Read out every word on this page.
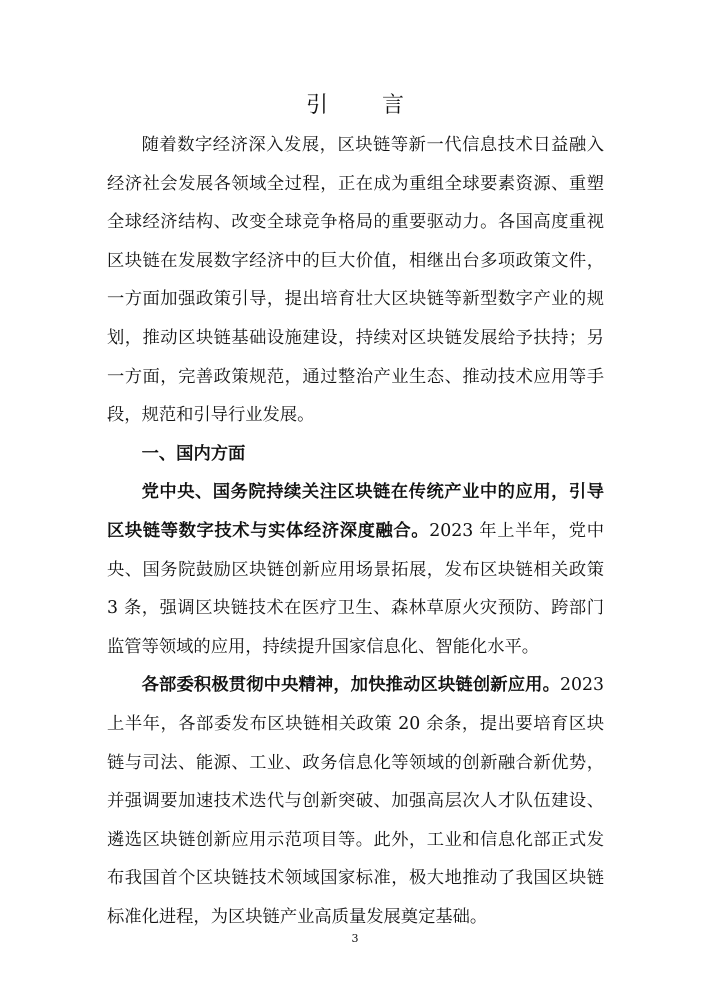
引　言

随着数字经济深入发展，区块链等新一代信息技术日益融入经济社会发展各领域全过程，正在成为重组全球要素资源、重塑全球经济结构、改变全球竞争格局的重要驱动力。各国高度重视区块链在发展数字经济中的巨大价值，相继出台多项政策文件，一方面加强政策引导，提出培育壮大区块链等新型数字产业的规划，推动区块链基础设施建设，持续对区块链发展给予扶持；另一方面，完善政策规范，通过整治产业生态、推动技术应用等手段，规范和引导行业发展。

一、国内方面

党中央、国务院持续关注区块链在传统产业中的应用，引导区块链等数字技术与实体经济深度融合。2023 年上半年，党中央、国务院鼓励区块链创新应用场景拓展，发布区块链相关政策 3 条，强调区块链技术在医疗卫生、森林草原火灾预防、跨部门监管等领域的应用，持续提升国家信息化、智能化水平。

各部委积极贯彻中央精神，加快推动区块链创新应用。2023 上半年，各部委发布区块链相关政策 20 余条，提出要培育区块链与司法、能源、工业、政务信息化等领域的创新融合新优势，并强调要加速技术迭代与创新突破、加强高层次人才队伍建设、遴选区块链创新应用示范项目等。此外，工业和信息化部正式发布我国首个区块链技术领域国家标准，极大地推动了我国区块链标准化进程，为区块链产业高质量发展奠定基础。

3
